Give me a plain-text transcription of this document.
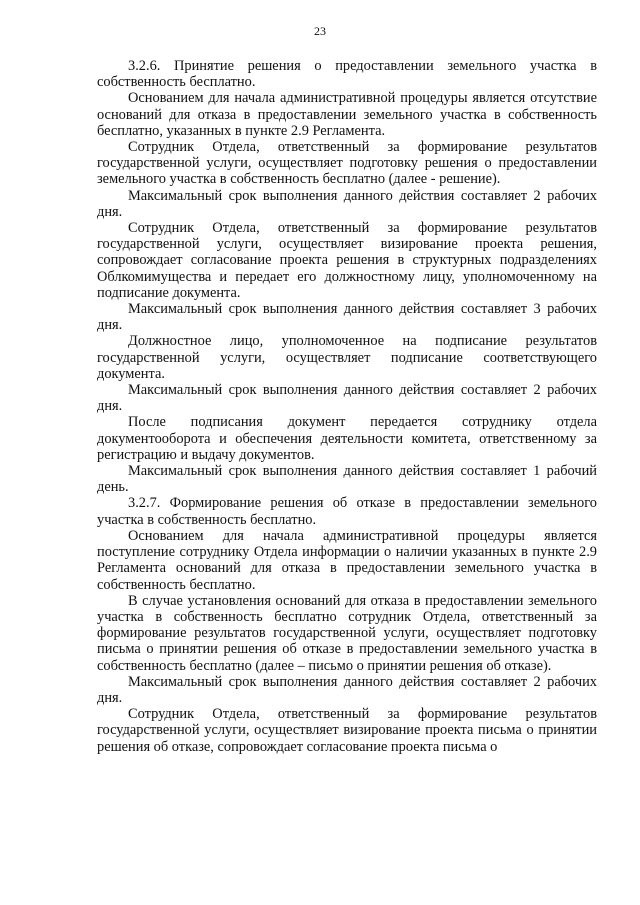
23

3.2.6. Принятие решения о предоставлении земельного участка в собственность бесплатно.

Основанием для начала административной процедуры является отсутствие оснований для отказа в предоставлении земельного участка в собственность бесплатно, указанных в пункте 2.9 Регламента.

Сотрудник Отдела, ответственный за формирование результатов государственной услуги, осуществляет подготовку решения о предоставлении земельного участка в собственность бесплатно (далее - решение).

Максимальный срок выполнения данного действия составляет 2 рабочих дня.

Сотрудник Отдела, ответственный за формирование результатов государственной услуги, осуществляет визирование проекта решения, сопровождает согласование проекта решения в структурных подразделениях Облкомимущества и передает его должностному лицу, уполномоченному на подписание документа.

Максимальный срок выполнения данного действия составляет 3 рабочих дня.

Должностное лицо, уполномоченное на подписание результатов государственной услуги, осуществляет подписание соответствующего документа.

Максимальный срок выполнения данного действия составляет 2 рабочих дня.

После подписания документ передается сотруднику отдела документооборота и обеспечения деятельности комитета, ответственному за регистрацию и выдачу документов.

Максимальный срок выполнения данного действия составляет 1 рабочий день.

3.2.7. Формирование решения об отказе в предоставлении земельного участка в собственность бесплатно.

Основанием для начала административной процедуры является поступление сотруднику Отдела информации о наличии указанных в пункте 2.9 Регламента оснований для отказа в предоставлении земельного участка в собственность бесплатно.

В случае установления оснований для отказа в предоставлении земельного участка в собственность бесплатно сотрудник Отдела, ответственный за формирование результатов государственной услуги, осуществляет подготовку письма о принятии решения об отказе в предоставлении земельного участка в собственность бесплатно (далее – письмо о принятии решения об отказе).

Максимальный срок выполнения данного действия составляет 2 рабочих дня.

Сотрудник Отдела, ответственный за формирование результатов государственной услуги, осуществляет визирование проекта письма о принятии решения об отказе, сопровождает согласование проекта письма о
